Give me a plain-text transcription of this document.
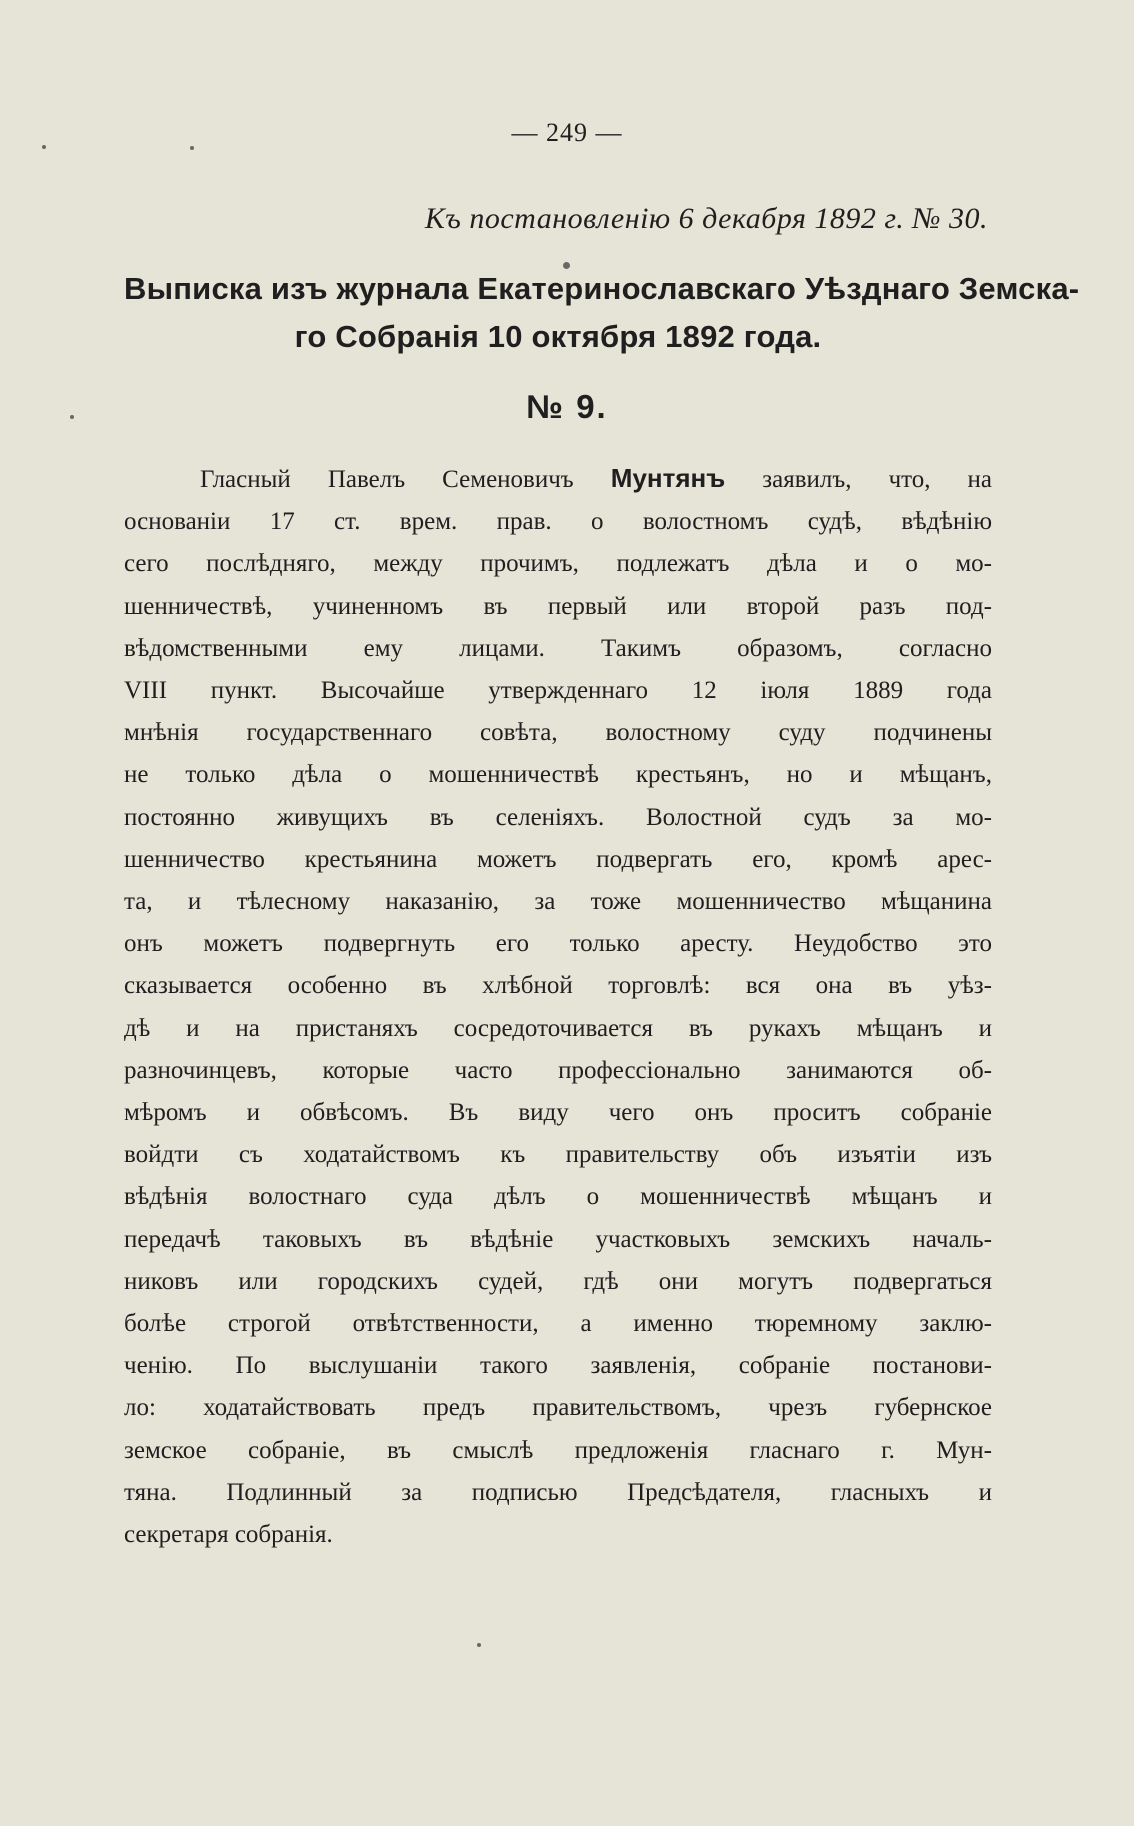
— 249 —
Къ постановленію 6 декабря 1892 г. № 30.
Выписка изъ журнала Екатеринославскаго Уѣзднаго Земска-
го Собранія 10 октября 1892 года.
№ 9.
Гласный Павелъ Семеновичъ Мунтянъ заявилъ, что, на
основаніи 17 ст. врем. прав. о волостномъ судѣ, вѣдѣнію
сего послѣдняго, между прочимъ, подлежатъ дѣла и о мо-
шенничествѣ, учиненномъ въ первый или второй разъ под-
вѣдомственными ему лицами. Такимъ образомъ, согласно
VIII пункт. Высочайше утвержденнаго 12 іюля 1889 года
мнѣнія государственнаго совѣта, волостному суду подчинены
не только дѣла о мошенничествѣ крестьянъ, но и мѣщанъ,
постоянно живущихъ въ селеніяхъ. Волостной судъ за мо-
шенничество крестьянина можетъ подвергать его, кромѣ арес-
та, и тѣлесному наказанію, за тоже мошенничество мѣщанина
онъ можетъ подвергнуть его только аресту. Неудобство это
сказывается особенно въ хлѣбной торговлѣ: вся она въ уѣз-
дѣ и на пристаняхъ сосредоточивается въ рукахъ мѣщанъ и
разночинцевъ, которые часто профессіонально занимаются об-
мѣромъ и обвѣсомъ. Въ виду чего онъ проситъ собраніе
войдти съ ходатайствомъ къ правительству объ изъятіи изъ
вѣдѣнія волостнаго суда дѣлъ о мошенничествѣ мѣщанъ и
передачѣ таковыхъ въ вѣдѣніе участковыхъ земскихъ началь-
никовъ или городскихъ судей, гдѣ они могутъ подвергаться
болѣе строгой отвѣтственности, а именно тюремному заклю-
ченію. По выслушаніи такого заявленія, собраніе постанови-
ло: ходатайствовать предъ правительствомъ, чрезъ губернское
земское собраніе, въ смыслѣ предложенія гласнаго г. Мун-
тяна. Подлинный за подписью Предсѣдателя, гласныхъ и
секретаря собранія.
